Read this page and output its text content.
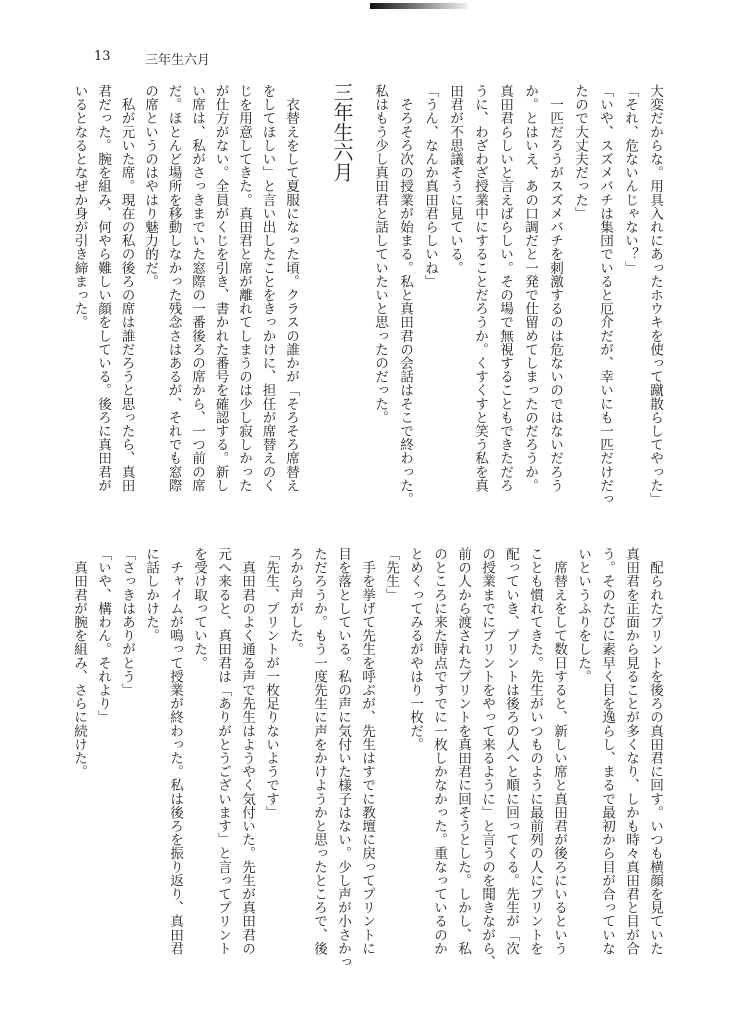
13	三年生六月
大変だからな。用具入れにあったホウキを使って蹴散らしてやった」
「それ、危ないんじゃない？」
「いや、スズメバチは集団でいると厄介だが、幸いにも一匹だけだっ
たので大丈夫だった」
　一匹だろうがスズメバチを刺激するのは危ないのではないだろう
か。とはいえ、あの口調だと一発で仕留めてしまったのだろうか。
真田君らしいと言えばらしい。その場で無視することもできただろ
うに、わざわざ授業中にすることだろうか。くすくすと笑う私を真
田君が不思議そうに見ている。
「うん、なんか真田君らしいね」
　そろそろ次の授業が始まる。私と真田君の会話はそこで終わった。
私はもう少し真田君と話していたいと思ったのだった。
三年生六月
　衣替えをして夏服になった頃。クラスの誰かが「そろそろ席替え
をしてほしい」と言い出したことをきっかけに、担任が席替えのく
じを用意してきた。真田君と席が離れてしまうのは少し寂しかった
が仕方がない。全員がくじを引き、書かれた番号を確認する。新し
い席は、私がさっきまでいた窓際の一番後ろの席から、一つ前の席
だ。ほとんど場所を移動しなかった残念さはあるが、それでも窓際
の席というのはやはり魅力的だ。
　私が元いた席。現在の私の後ろの席は誰だろうと思ったら、真田
君だった。腕を組み、何やら難しい顔をしている。後ろに真田君が
いるとなるとなぜか身が引き締まった。
　配られたプリントを後ろの真田君に回す。いつも横顔を見ていた
真田君を正面から見ることが多くなり、しかも時々真田君と目が合
う。そのたびに素早く目を逸らし、まるで最初から目が合っていな
いというふりをした。
　席替えをして数日すると、新しい席と真田君が後ろにいるという
ことも慣れてきた。先生がいつものように最前列の人にプリントを
配っていき、プリントは後ろの人へと順に回ってくる。先生が「次
の授業までにプリントをやって来るように」と言うのを聞きながら、
前の人から渡されたプリントを真田君に回そうとした。しかし、私
のところに来た時点ですでに一枚しかなかった。重なっているのか
とめくってみるがやはり一枚だ。
「先生」
　手を挙げて先生を呼ぶが、先生はすでに教壇に戻ってプリントに
目を落としている。私の声に気付いた様子はない。少し声が小さかっ
ただろうか。もう一度先生に声をかけようかと思ったところで、後
ろから声がした。
「先生、プリントが一枚足りないようです」
　真田君のよく通る声で先生はようやく気付いた。先生が真田君の
元へ来ると、真田君は「ありがとうございます」と言ってプリント
を受け取っていた。
　チャイムが鳴って授業が終わった。私は後ろを振り返り、真田君
に話しかけた。
「さっきはありがとう」
「いや、構わん。それより」
　真田君が腕を組み、さらに続けた。
